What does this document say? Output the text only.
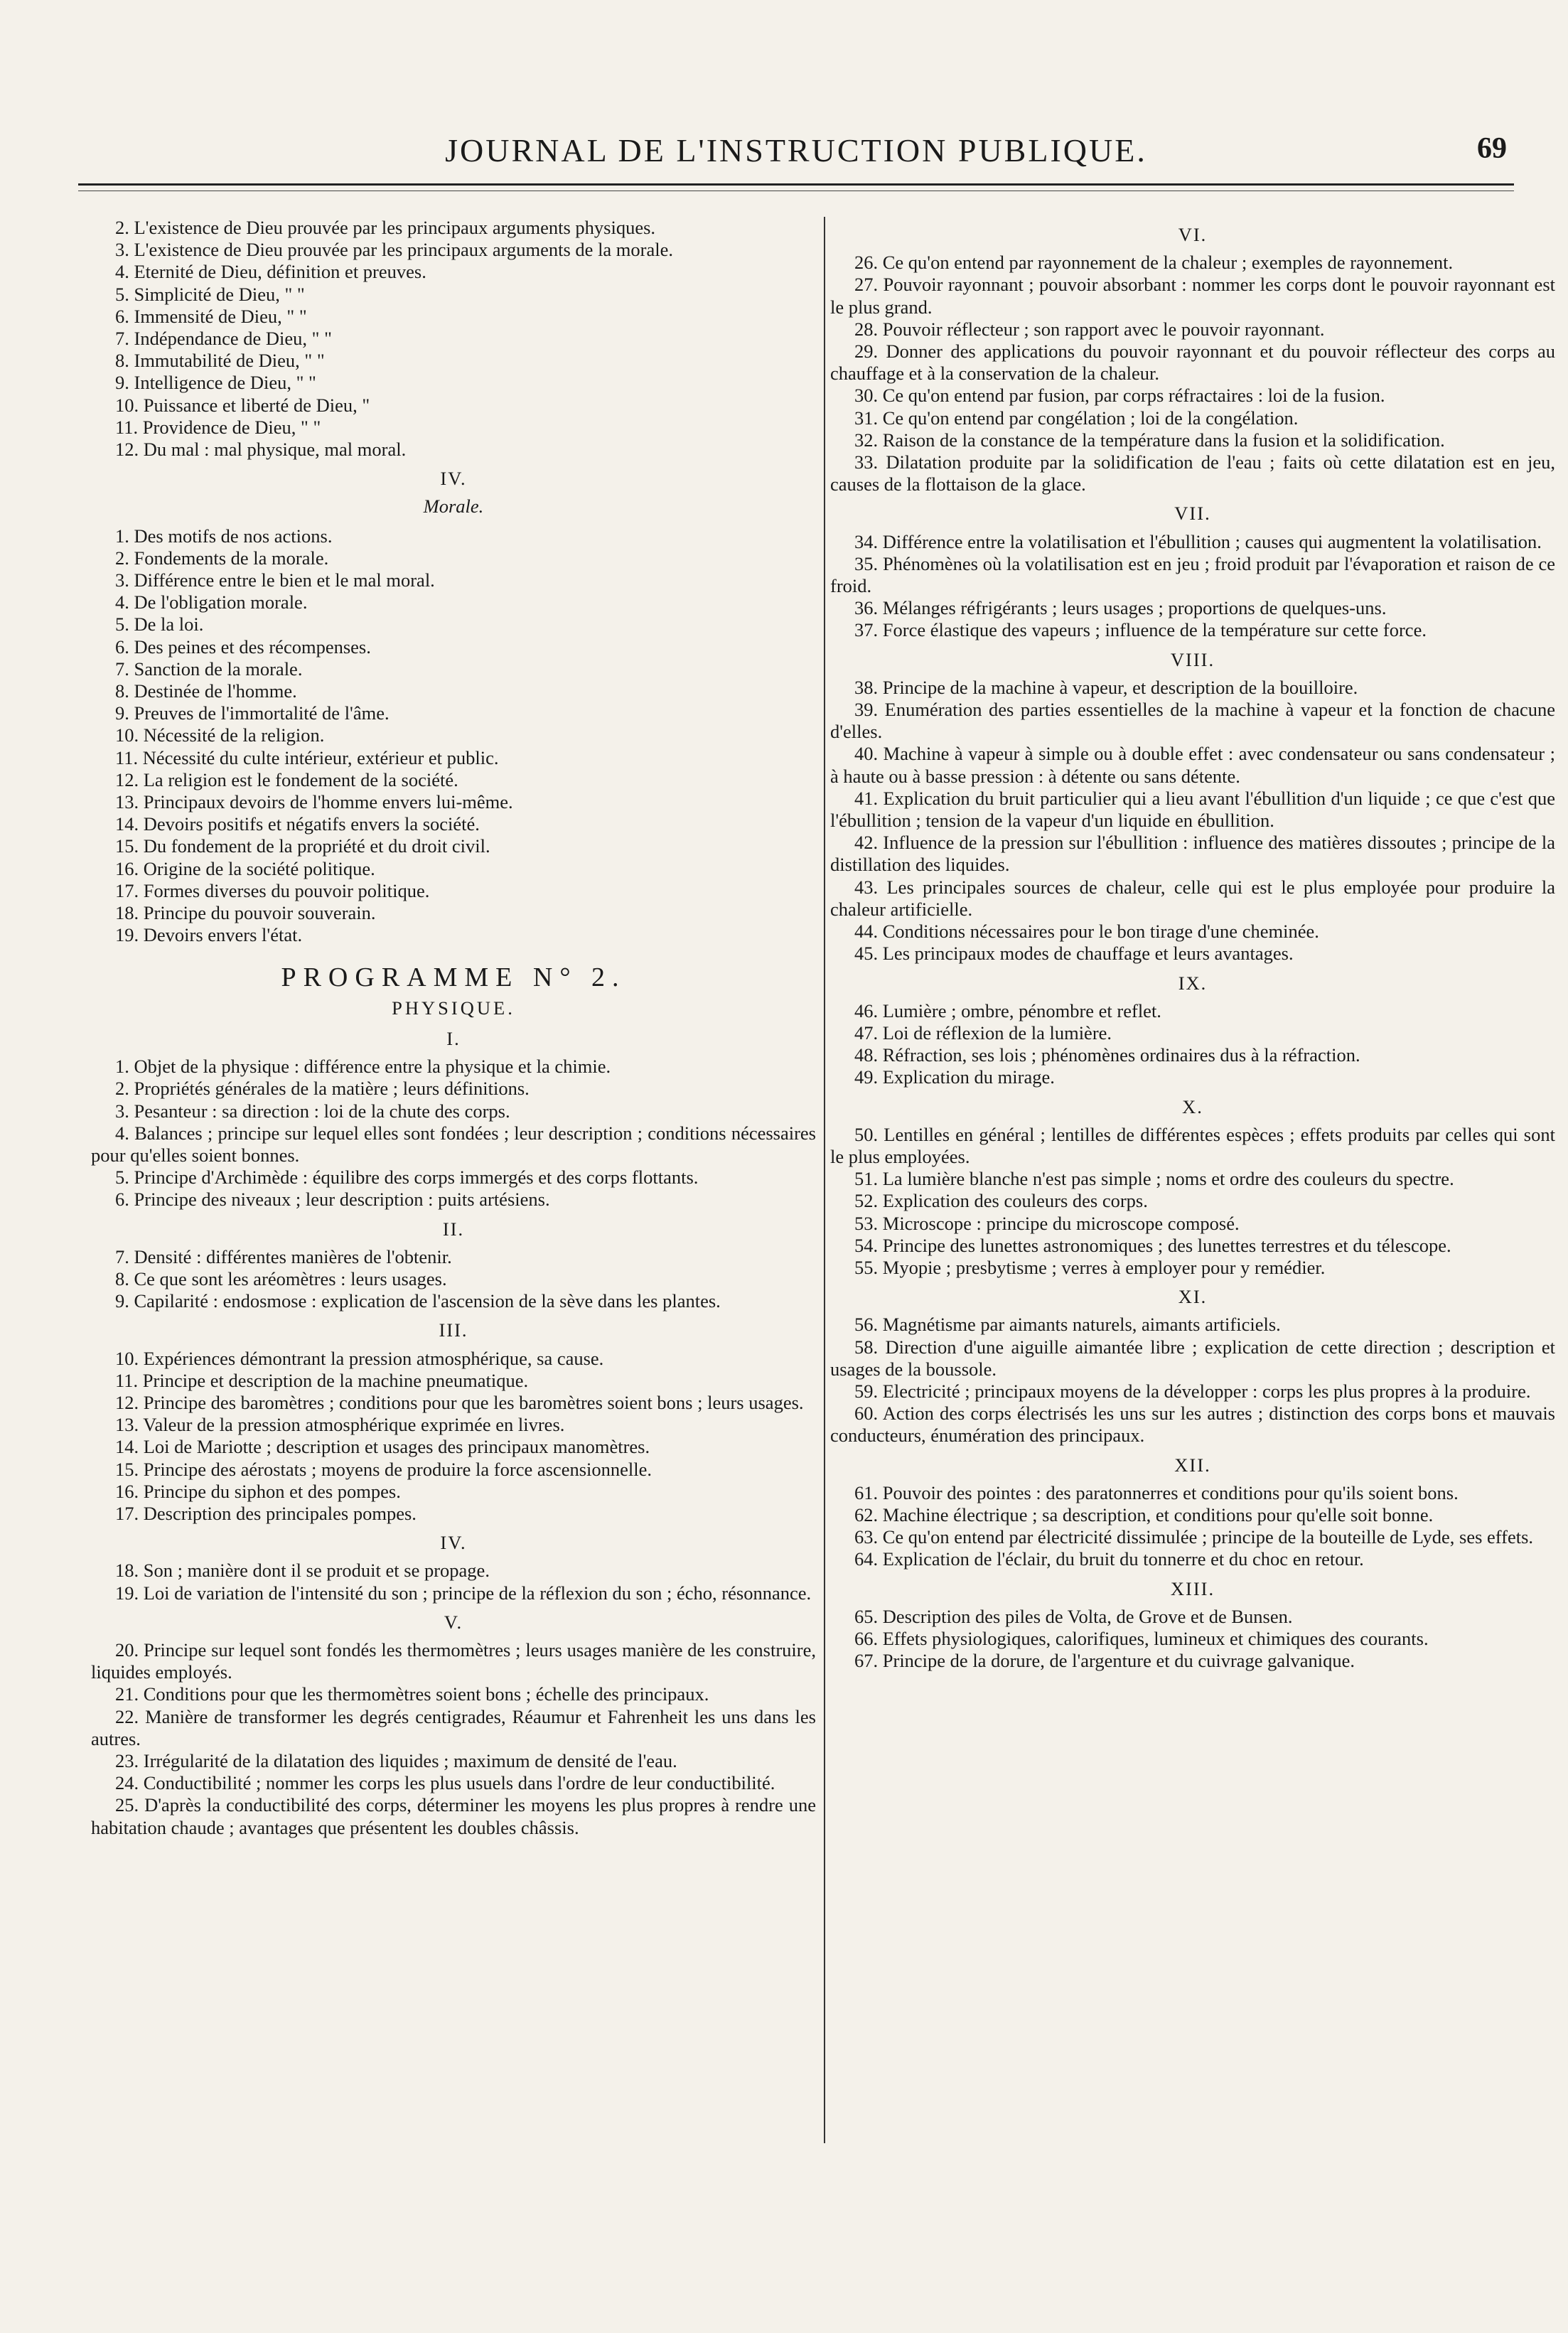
JOURNAL DE L'INSTRUCTION PUBLIQUE.	69

2. L'existence de Dieu prouvée par les principaux arguments physiques.

3. L'existence de Dieu prouvée par les principaux arguments de la morale.

4. Eternité de Dieu, définition et preuves.

5. Simplicité de Dieu, " "

6. Immensité de Dieu, " "

7. Indépendance de Dieu, " "

8. Immutabilité de Dieu, " "

9. Intelligence de Dieu, " "

10. Puissance et liberté de Dieu, "

11. Providence de Dieu, " "

12. Du mal : mal physique, mal moral.

IV.
Morale.

1. Des motifs de nos actions.

2. Fondements de la morale.

3. Différence entre le bien et le mal moral.

4. De l'obligation morale.

5. De la loi.

6. Des peines et des récompenses.

7. Sanction de la morale.

8. Destinée de l'homme.

9. Preuves de l'immortalité de l'âme.

10. Nécessité de la religion.

11. Nécessité du culte intérieur, extérieur et public.

12. La religion est le fondement de la société.

13. Principaux devoirs de l'homme envers lui-même.

14. Devoirs positifs et négatifs envers la société.

15. Du fondement de la propriété et du droit civil.

16. Origine de la société politique.

17. Formes diverses du pouvoir politique.

18. Principe du pouvoir souverain.

19. Devoirs envers l'état.

PROGRAMME N° 2.
PHYSIQUE.
I.

1. Objet de la physique : différence entre la physique et la chimie.

2. Propriétés générales de la matière ; leurs définitions.

3. Pesanteur : sa direction : loi de la chute des corps.

4. Balances ; principe sur lequel elles sont fondées ; leur description ; conditions nécessaires pour qu'elles soient bonnes.

5. Principe d'Archimède : équilibre des corps immergés et des corps flottants.

6. Principe des niveaux ; leur description : puits artésiens.

II.

7. Densité : différentes manières de l'obtenir.

8. Ce que sont les aréomètres : leurs usages.

9. Capilarité : endosmose : explication de l'ascension de la sève dans les plantes.

III.

10. Expériences démontrant la pression atmosphérique, sa cause.

11. Principe et description de la machine pneumatique.

12. Principe des baromètres ; conditions pour que les baromètres soient bons ; leurs usages.

13. Valeur de la pression atmosphérique exprimée en livres.

14. Loi de Mariotte ; description et usages des principaux manomètres.

15. Principe des aérostats ; moyens de produire la force ascensionnelle.

16. Principe du siphon et des pompes.

17. Description des principales pompes.

IV.

18. Son ; manière dont il se produit et se propage.

19. Loi de variation de l'intensité du son ; principe de la réflexion du son ; écho, résonnance.

V.

20. Principe sur lequel sont fondés les thermomètres ; leurs usages manière de les construire, liquides employés.

21. Conditions pour que les thermomètres soient bons ; échelle des principaux.

22. Manière de transformer les degrés centigrades, Réaumur et Fahrenheit les uns dans les autres.

23. Irrégularité de la dilatation des liquides ; maximum de densité de l'eau.

24. Conductibilité ; nommer les corps les plus usuels dans l'ordre de leur conductibilité.

25. D'après la conductibilité des corps, déterminer les moyens les plus propres à rendre une habitation chaude ; avantages que présentent les doubles châssis.

VI.

26. Ce qu'on entend par rayonnement de la chaleur ; exemples de rayonnement.

27. Pouvoir rayonnant ; pouvoir absorbant : nommer les corps dont le pouvoir rayonnant est le plus grand.

28. Pouvoir réflecteur ; son rapport avec le pouvoir rayonnant.

29. Donner des applications du pouvoir rayonnant et du pouvoir réflecteur des corps au chauffage et à la conservation de la chaleur.

30. Ce qu'on entend par fusion, par corps réfractaires : loi de la fusion.

31. Ce qu'on entend par congélation ; loi de la congélation.

32. Raison de la constance de la température dans la fusion et la solidification.

33. Dilatation produite par la solidification de l'eau ; faits où cette dilatation est en jeu, causes de la flottaison de la glace.

VII.

34. Différence entre la volatilisation et l'ébullition ; causes qui augmentent la volatilisation.

35. Phénomènes où la volatilisation est en jeu ; froid produit par l'évaporation et raison de ce froid.

36. Mélanges réfrigérants ; leurs usages ; proportions de quelques-uns.

37. Force élastique des vapeurs ; influence de la température sur cette force.

VIII.

38. Principe de la machine à vapeur, et description de la bouilloire.

39. Enumération des parties essentielles de la machine à vapeur et la fonction de chacune d'elles.

40. Machine à vapeur à simple ou à double effet : avec condensateur ou sans condensateur ; à haute ou à basse pression : à détente ou sans détente.

41. Explication du bruit particulier qui a lieu avant l'ébullition d'un liquide ; ce que c'est que l'ébullition ; tension de la vapeur d'un liquide en ébullition.

42. Influence de la pression sur l'ébullition : influence des matières dissoutes ; principe de la distillation des liquides.

43. Les principales sources de chaleur, celle qui est le plus employée pour produire la chaleur artificielle.

44. Conditions nécessaires pour le bon tirage d'une cheminée.

45. Les principaux modes de chauffage et leurs avantages.

IX.

46. Lumière ; ombre, pénombre et reflet.

47. Loi de réflexion de la lumière.

48. Réfraction, ses lois ; phénomènes ordinaires dus à la réfraction.

49. Explication du mirage.

X.

50. Lentilles en général ; lentilles de différentes espèces ; effets produits par celles qui sont le plus employées.

51. La lumière blanche n'est pas simple ; noms et ordre des couleurs du spectre.

52. Explication des couleurs des corps.

53. Microscope : principe du microscope composé.

54. Principe des lunettes astronomiques ; des lunettes terrestres et du télescope.

55. Myopie ; presbytisme ; verres à employer pour y remédier.

XI.

56. Magnétisme par aimants naturels, aimants artificiels.

58. Direction d'une aiguille aimantée libre ; explication de cette direction ; description et usages de la boussole.

59. Electricité ; principaux moyens de la développer : corps les plus propres à la produire.

60. Action des corps électrisés les uns sur les autres ; distinction des corps bons et mauvais conducteurs, énumération des principaux.

XII.

61. Pouvoir des pointes : des paratonnerres et conditions pour qu'ils soient bons.

62. Machine électrique ; sa description, et conditions pour qu'elle soit bonne.

63. Ce qu'on entend par électricité dissimulée ; principe de la bouteille de Lyde, ses effets.

64. Explication de l'éclair, du bruit du tonnerre et du choc en retour.

XIII.

65. Description des piles de Volta, de Grove et de Bunsen.

66. Effets physiologiques, calorifiques, lumineux et chimiques des courants.

67. Principe de la dorure, de l'argenture et du cuivrage galvanique.
